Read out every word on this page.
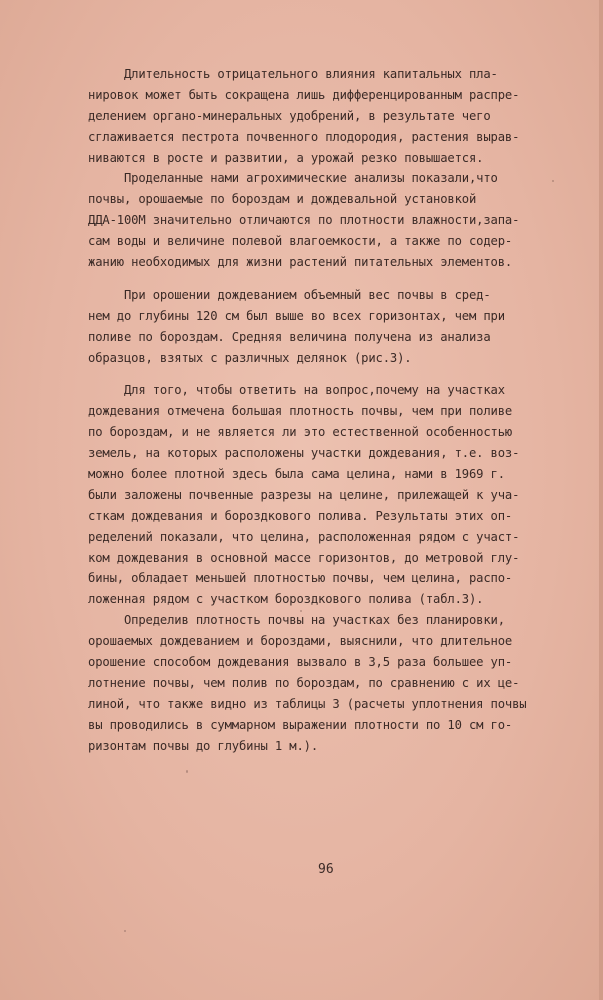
Длительность отрицательного влияния капитальных пла-
нировок может быть сокращена лишь дифференцированным распре-
делением органо-минеральных удобрений, в результате чего
сглаживается пестрота почвенного плодородия, растения вырав-
ниваются в росте и развитии, а урожай резко повышается.

Проделанные нами агрохимические анализы показали,что
почвы, орошаемые по бороздам и дождевальной установкой
ДДА-100М значительно отличаются по плотности влажности,запа-
сам воды и величине полевой влагоемкости, а также по содер-
жанию необходимых для жизни растений питательных элементов.

При орошении дождеванием объемный вес почвы в сред-
нем до глубины 120 см был выше во всех горизонтах, чем при
поливе по бороздам. Средняя величина получена из анализа
образцов, взятых с различных делянок (рис.3).

Для того, чтобы ответить на вопрос,почему на участках
дождевания отмечена большая плотность почвы, чем при поливе
по бороздам, и не является ли это естественной особенностью
земель, на которых расположены участки дождевания, т.е. воз-
можно более плотной здесь была сама целина, нами в 1969 г.
были заложены почвенные разрезы на целине, прилежащей к уча-
сткам дождевания и бороздкового полива. Результаты этих оп-
ределений показали, что целина, расположенная рядом с участ-
ком дождевания в основной массе горизонтов, до метровой глу-
бины, обладает меньшей плотностью почвы, чем целина, распо-
ложенная рядом с участком бороздкового полива (табл.3).
Определив плотность почвы на участках без планировки,
орошаемых дождеванием и бороздами, выяснили, что длительное
орошение способом дождевания вызвало в 3,5 раза большее уп-
лотнение почвы, чем полив по бороздам, по сравнению с их це-
линой, что также видно из таблицы 3 (расчеты уплотнения почвы
вы проводились в суммарном выражении плотности по 10 см го-
ризонтам почвы до глубины 1 м.).

96
